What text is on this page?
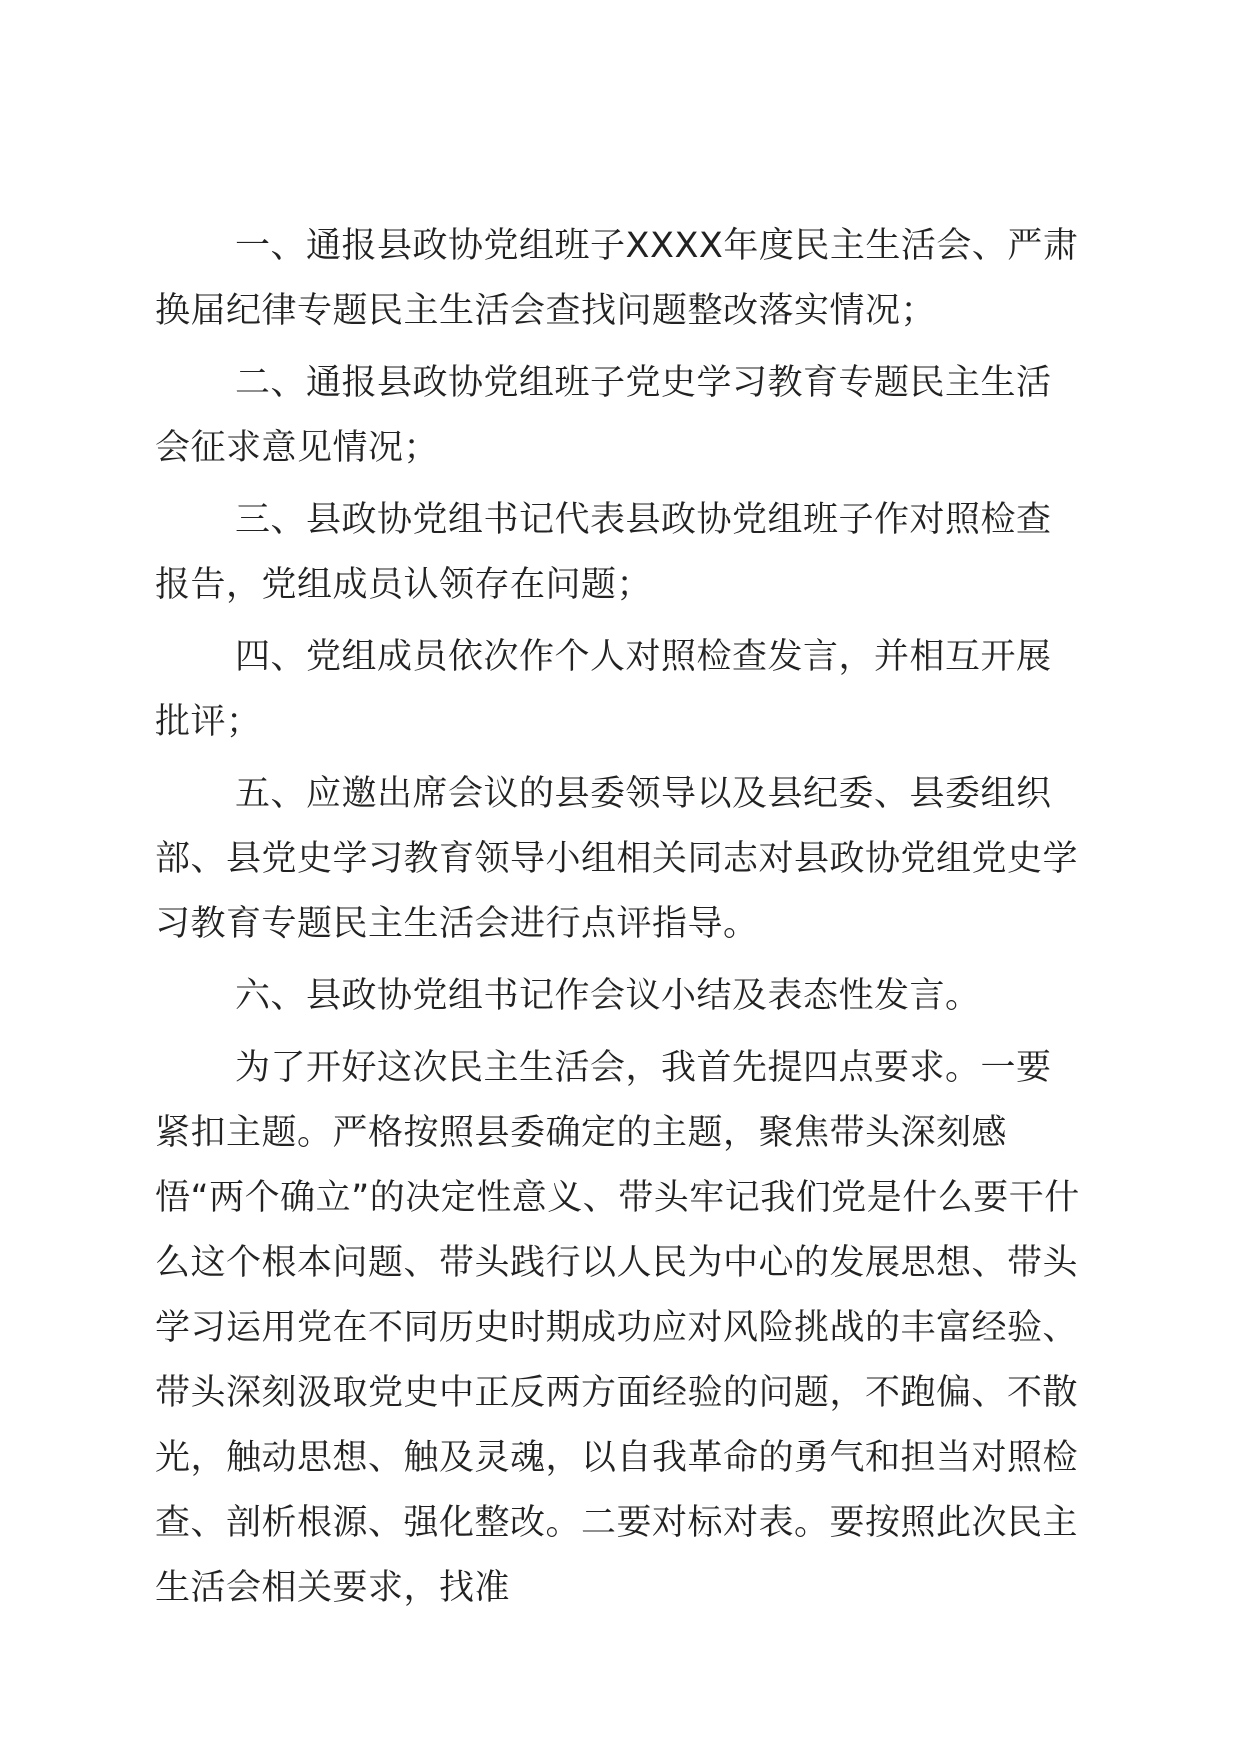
一、通报县政协党组班子XXXX年度民主生活会、严肃换届纪律专题民主生活会查找问题整改落实情况；

二、通报县政协党组班子党史学习教育专题民主生活会征求意见情况；

三、县政协党组书记代表县政协党组班子作对照检查报告，党组成员认领存在问题；

四、党组成员依次作个人对照检查发言，并相互开展批评；

五、应邀出席会议的县委领导以及县纪委、县委组织部、县党史学习教育领导小组相关同志对县政协党组党史学习教育专题民主生活会进行点评指导。

六、县政协党组书记作会议小结及表态性发言。

为了开好这次民主生活会，我首先提四点要求。一要紧扣主题。严格按照县委确定的主题，聚焦带头深刻感悟“两个确立”的决定性意义、带头牢记我们党是什么要干什么这个根本问题、带头践行以人民为中心的发展思想、带头学习运用党在不同历史时期成功应对风险挑战的丰富经验、带头深刻汲取党史中正反两方面经验的问题，不跑偏、不散光，触动思想、触及灵魂，以自我革命的勇气和担当对照检查、剖析根源、强化整改。二要对标对表。要按照此次民主生活会相关要求，找准
